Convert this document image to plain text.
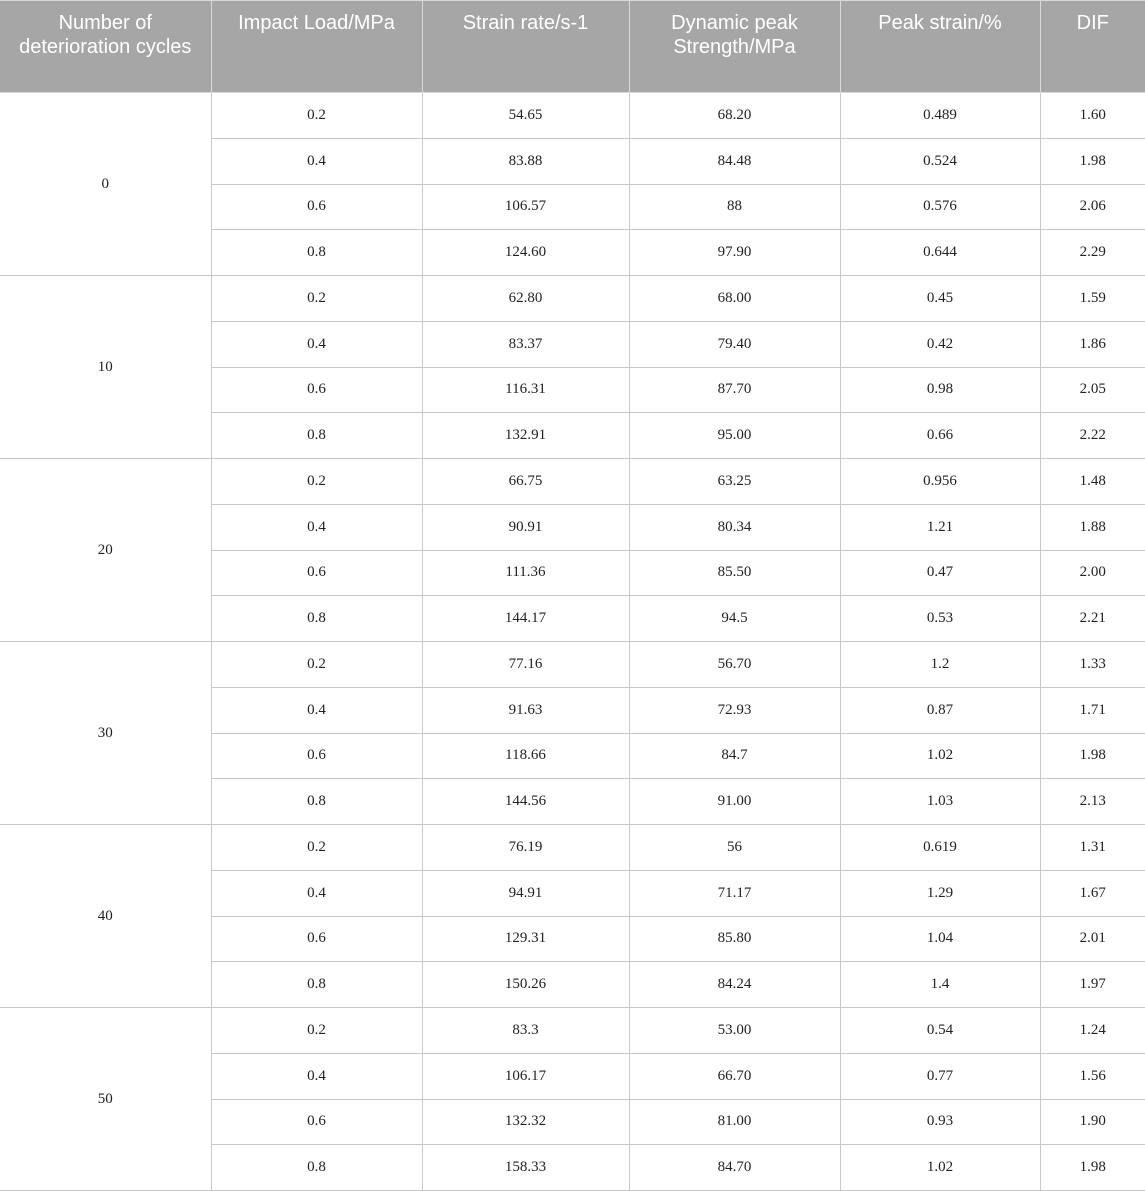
Number of deterioration cycles	Impact Load/MPa	Strain rate/s-1	Dynamic peak Strength/MPa	Peak strain/%	DIF
0	0.2	54.65	68.20	0.489	1.60
	0.4	83.88	84.48	0.524	1.98
	0.6	106.57	88	0.576	2.06
	0.8	124.60	97.90	0.644	2.29
10	0.2	62.80	68.00	0.45	1.59
	0.4	83.37	79.40	0.42	1.86
	0.6	116.31	87.70	0.98	2.05
	0.8	132.91	95.00	0.66	2.22
20	0.2	66.75	63.25	0.956	1.48
	0.4	90.91	80.34	1.21	1.88
	0.6	111.36	85.50	0.47	2.00
	0.8	144.17	94.5	0.53	2.21
30	0.2	77.16	56.70	1.2	1.33
	0.4	91.63	72.93	0.87	1.71
	0.6	118.66	84.7	1.02	1.98
	0.8	144.56	91.00	1.03	2.13
40	0.2	76.19	56	0.619	1.31
	0.4	94.91	71.17	1.29	1.67
	0.6	129.31	85.80	1.04	2.01
	0.8	150.26	84.24	1.4	1.97
50	0.2	83.3	53.00	0.54	1.24
	0.4	106.17	66.70	0.77	1.56
	0.6	132.32	81.00	0.93	1.90
	0.8	158.33	84.70	1.02	1.98
